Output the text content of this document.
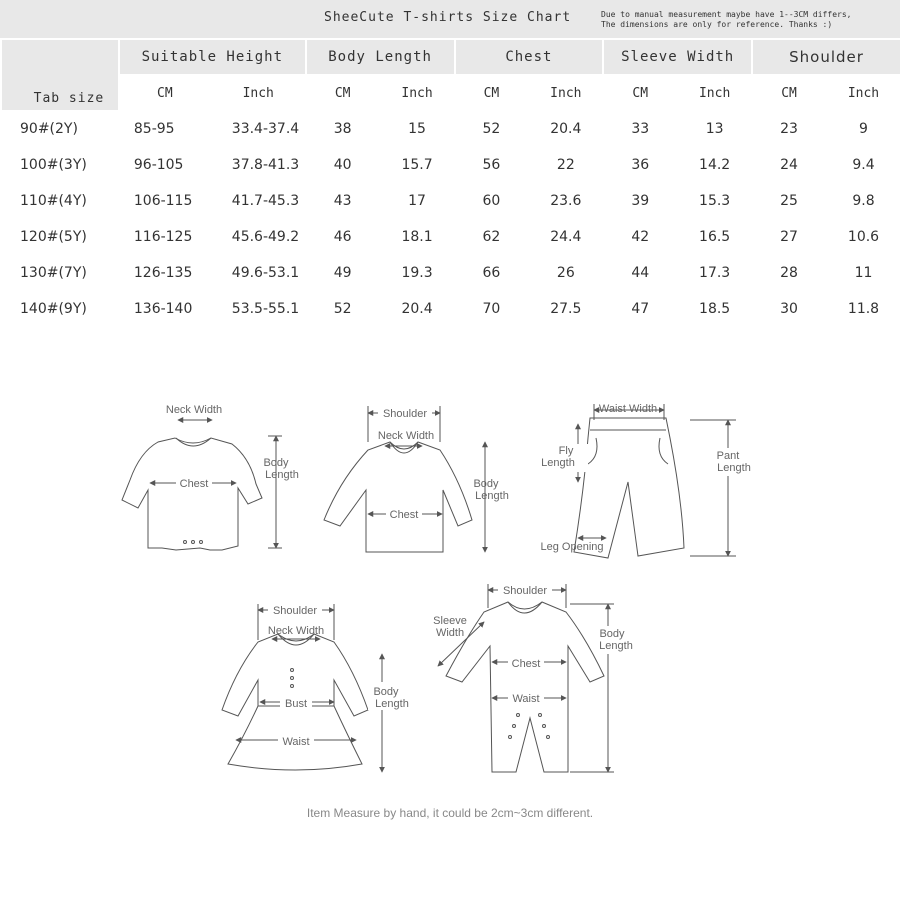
SheeCute T-shirts Size Chart	Due to manual measurement maybe have 1--3CM differs,
The dimensions are only for reference. Thanks :)
Tab size	Suitable Height		Body Length		Chest		Sleeve Width		Shoulder	
	CM	Inch	CM	Inch	CM	Inch	CM	Inch	CM	Inch
90#(2Y)	85-95	33.4-37.4	38	15	52	20.4	33	13	23	9
100#(3Y)	96-105	37.8-41.3	40	15.7	56	22	36	14.2	24	9.4
110#(4Y)	106-115	41.7-45.3	43	17	60	23.6	39	15.3	25	9.8
120#(5Y)	116-125	45.6-49.2	46	18.1	62	24.4	42	16.5	27	10.6
130#(7Y)	126-135	49.6-53.1	49	19.3	66	26	44	17.3	28	11
140#(9Y)	136-140	53.5-55.1	52	20.4	70	27.5	47	18.5	30	11.8
Neck Width
Chest
Body
Length
Shoulder
Neck Width
Chest
Body
Length
Waist Width
Fly
Length
Pant
Length
Leg Opening
Shoulder
Neck Width
Bust
Waist
Body
Length
Shoulder
Sleeve
Width
Chest
Waist
Body
Length
Item Measure by hand, it could be 2cm~3cm different.
